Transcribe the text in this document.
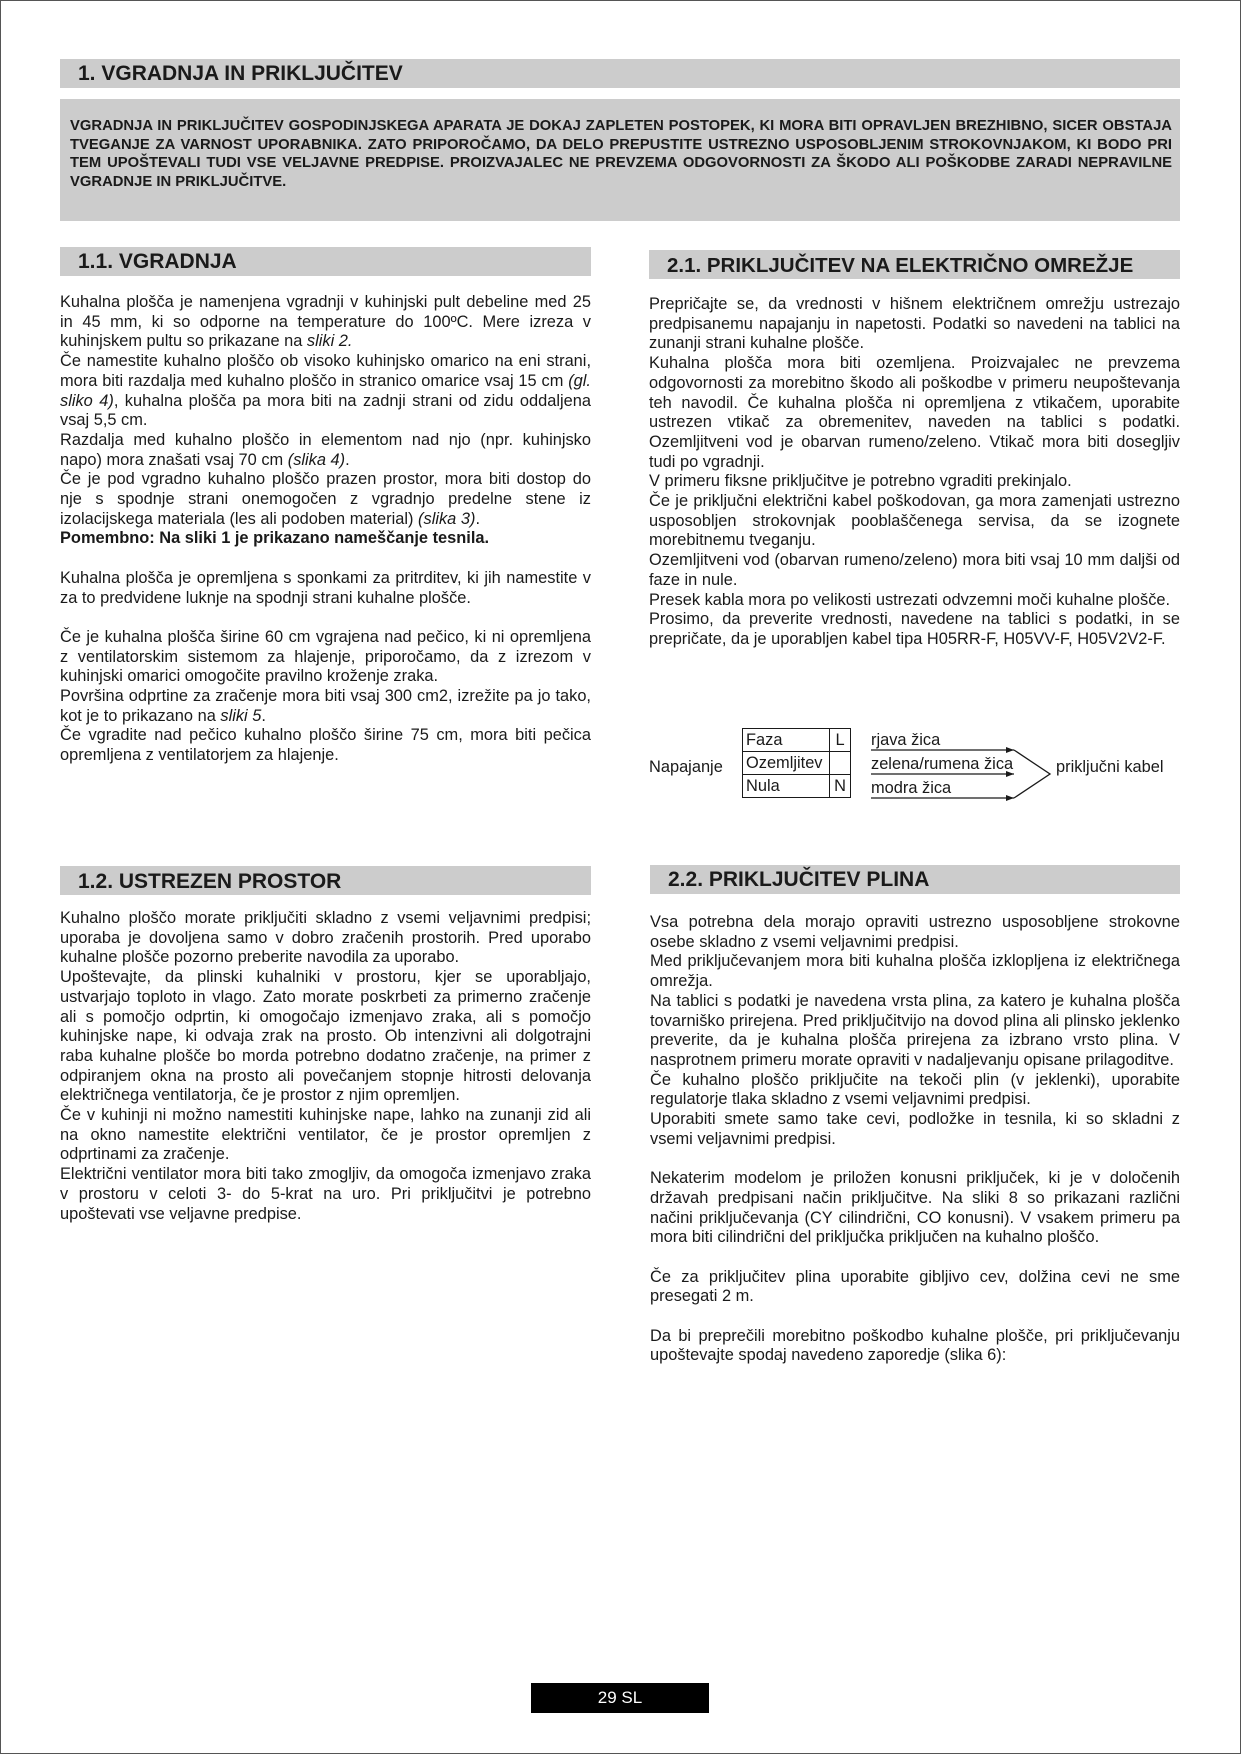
1. VGRADNJA IN PRIKLJUČITEV
VGRADNJA IN PRIKLJUČITEV GOSPODINJSKEGA APARATA JE DOKAJ ZAPLETEN POSTOPEK, KI MORA BITI OPRAVLJEN BREZHIBNO, SICER OBSTAJA TVEGANJE ZA VARNOST UPORABNIKA. ZATO PRIPOROČAMO, DA DELO PREPUSTITE USTREZNO USPOSOBLJENIM STROKOVNJAKOM, KI BODO PRI TEM UPOŠTEVALI TUDI VSE VELJAVNE PREDPISE. PROIZVAJALEC NE PREVZEMA ODGOVORNOSTI ZA ŠKODO ALI POŠKODBE ZARADI NEPRAVILNE VGRADNJE IN PRIKLJUČITVE.
1.1. VGRADNJA

Kuhalna plošča je namenjena vgradnji v kuhinjski pult debeline med 25 in 45 mm, ki so odporne na temperature do 100ºC. Mere izreza v kuhinjskem pultu so prikazane na sliki 2.

Če namestite kuhalno ploščo ob visoko kuhinjsko omarico na eni strani, mora biti razdalja med kuhalno ploščo in stranico omarice vsaj 15 cm (gl. sliko 4), kuhalna plošča pa mora biti na zadnji strani od zidu oddaljena vsaj 5,5 cm.

Razdalja med kuhalno ploščo in elementom nad njo (npr. kuhinjsko napo) mora znašati vsaj 70 cm (slika 4).

Če je pod vgradno kuhalno ploščo prazen prostor, mora biti dostop do nje s spodnje strani onemogočen z vgradnjo predelne stene iz izolacijskega materiala (les ali podoben material) (slika 3).

Pomembno: Na sliki 1 je prikazano nameščanje tesnila.

Kuhalna plošča je opremljena s sponkami za pritrditev, ki jih namestite v za to predvidene luknje na spodnji strani kuhalne plošče.

Če je kuhalna plošča širine 60 cm vgrajena nad pečico, ki ni opremljena z ventilatorskim sistemom za hlajenje, priporočamo, da z izrezom v kuhinjski omarici omogočite pravilno kroženje zraka.

Površina odprtine za zračenje mora biti vsaj 300 cm2, izrežite pa jo tako, kot je to prikazano na sliki 5.

Če vgradite nad pečico kuhalno ploščo širine 75 cm, mora biti pečica opremljena z ventilatorjem za hlajenje.

2.1. PRIKLJUČITEV NA ELEKTRIČNO OMREŽJE

Prepričajte se, da vrednosti v hišnem električnem omrežju ustrezajo predpisanemu napajanju in napetosti. Podatki so navedeni na tablici na zunanji strani kuhalne plošče.

Kuhalna plošča mora biti ozemljena. Proizvajalec ne prevzema odgovornosti za morebitno škodo ali poškodbe v primeru neupoštevanja teh navodil. Če kuhalna plošča ni opremljena z vtikačem, uporabite ustrezen vtikač za obremenitev, naveden na tablici s podatki. Ozemljitveni vod je obarvan rumeno/zeleno. Vtikač mora biti dosegljiv tudi po vgradnji.

V primeru fiksne priključitve je potrebno vgraditi prekinjalo.

Če je priključni električni kabel poškodovan, ga mora zamenjati ustrezno usposobljen strokovnjak pooblaščenega servisa, da se izognete morebitnemu tveganju.

Ozemljitveni vod (obarvan rumeno/zeleno) mora biti vsaj 10 mm daljši od faze in nule.

Presek kabla mora po velikosti ustrezati odvzemni moči kuhalne plošče.

Prosimo, da preverite vrednosti, navedene na tablici s podatki, in se prepričate, da je uporabljen kabel tipa H05RR-F, H05VV-F, H05V2V2-F.

Napajanje
Faza	L
Ozemljitev	
Nula	N
rjava žica
zelena/rumena žica
modra žica
priključni kabel
1.2. USTREZEN PROSTOR

Kuhalno ploščo morate priključiti skladno z vsemi veljavnimi predpisi; uporaba je dovoljena samo v dobro zračenih prostorih. Pred uporabo kuhalne plošče pozorno preberite navodila za uporabo.

Upoštevajte, da plinski kuhalniki v prostoru, kjer se uporabljajo, ustvarjajo toploto in vlago. Zato morate poskrbeti za primerno zračenje ali s pomočjo odprtin, ki omogočajo izmenjavo zraka, ali s pomočjo kuhinjske nape, ki odvaja zrak na prosto. Ob intenzivni ali dolgotrajni raba kuhalne plošče bo morda potrebno dodatno zračenje, na primer z odpiranjem okna na prosto ali povečanjem stopnje hitrosti delovanja električnega ventilatorja, če je prostor z njim opremljen.

Če v kuhinji ni možno namestiti kuhinjske nape, lahko na zunanji zid ali na okno namestite električni ventilator, če je prostor opremljen z odprtinami za zračenje.

Električni ventilator mora biti tako zmogljiv, da omogoča izmenjavo zraka v prostoru v celoti 3- do 5-krat na uro. Pri priključitvi je potrebno upoštevati vse veljavne predpise.

2.2. PRIKLJUČITEV PLINA

Vsa potrebna dela morajo opraviti ustrezno usposobljene strokovne osebe skladno z vsemi veljavnimi predpisi.

Med priključevanjem mora biti kuhalna plošča izklopljena iz električnega omrežja.

Na tablici s podatki je navedena vrsta plina, za katero je kuhalna plošča tovarniško prirejena. Pred priključitvijo na dovod plina ali plinsko jeklenko preverite, da je kuhalna plošča prirejena za izbrano vrsto plina. V nasprotnem primeru morate opraviti v nadaljevanju opisane prilagoditve.

Če kuhalno ploščo priključite na tekoči plin (v jeklenki), uporabite regulatorje tlaka skladno z vsemi veljavnimi predpisi.

Uporabiti smete samo take cevi, podložke in tesnila, ki so skladni z vsemi veljavnimi predpisi.

Nekaterim modelom je priložen konusni priključek, ki je v določenih državah predpisani način priključitve. Na sliki 8 so prikazani različni načini priključevanja (CY cilindrični, CO konusni). V vsakem primeru pa mora biti cilindrični del priključka priključen na kuhalno ploščo.

Če za priključitev plina uporabite gibljivo cev, dolžina cevi ne sme presegati 2 m.

Da bi preprečili morebitno poškodbo kuhalne plošče, pri priključevanju upoštevajte spodaj navedeno zaporedje (slika 6):

29 SL
